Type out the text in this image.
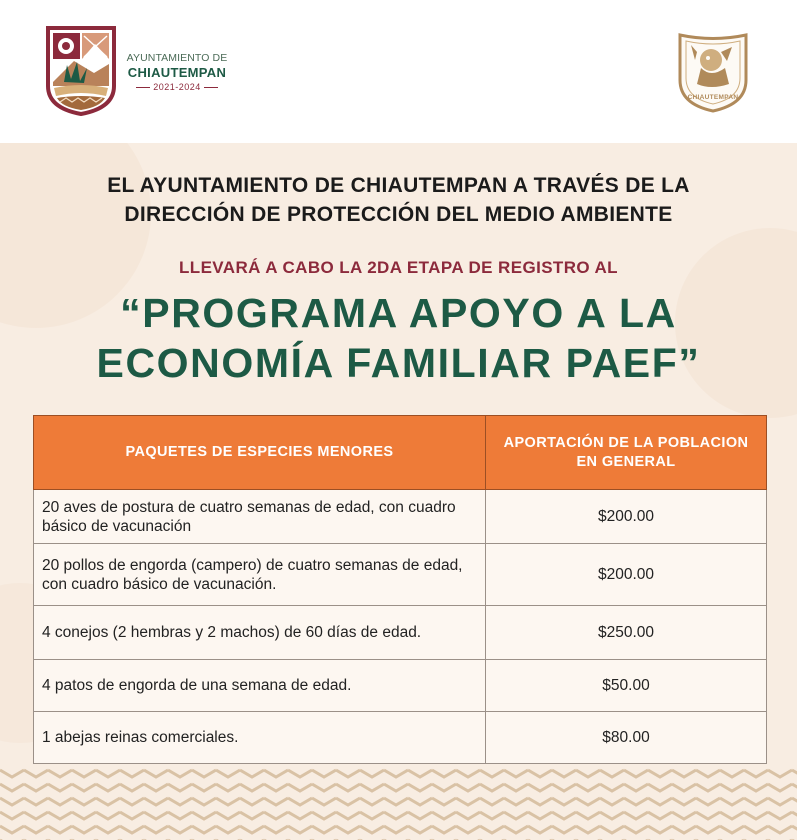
AYUNTAMIENTO DE
CHIAUTEMPAN
2021-2024
CHIAUTEMPAN
EL AYUNTAMIENTO DE CHIAUTEMPAN A TRAVÉS DE LA
DIRECCIÓN DE PROTECCIÓN DEL MEDIO AMBIENTE
LLEVARÁ A CABO LA 2DA ETAPA DE REGISTRO AL
“PROGRAMA APOYO A LA
ECONOMÍA FAMILIAR PAEF”
PAQUETES DE ESPECIES MENORES	APORTACIÓN DE LA POBLACION EN GENERAL
20 aves de postura de cuatro semanas de edad, con cuadro básico de vacunación	$200.00
20 pollos de engorda (campero) de cuatro semanas de edad, con cuadro básico de vacunación.	$200.00
4 conejos (2 hembras y 2 machos) de 60 días de edad.	$250.00
4 patos de engorda de una semana de edad.	$50.00
1 abejas reinas comerciales.	$80.00
